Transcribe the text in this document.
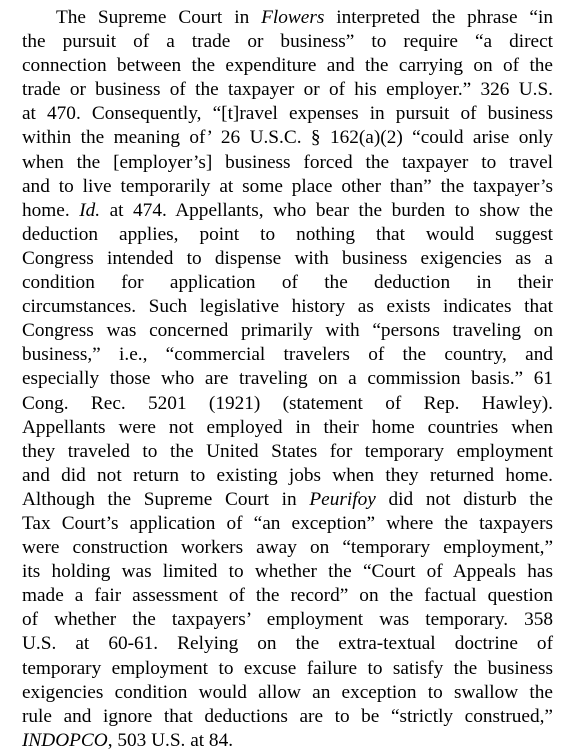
The Supreme Court in Flowers interpreted the phrase “in
the pursuit of a trade or business” to require “a direct
connection between the expenditure and the carrying on of the
trade or business of the taxpayer or of his employer.” 326 U.S.
at 470. Consequently, “[t]ravel expenses in pursuit of business
within the meaning of’ 26 U.S.C. § 162(a)(2) “could arise only
when the [employer’s] business forced the taxpayer to travel
and to live temporarily at some place other than” the taxpayer’s
home. Id. at 474. Appellants, who bear the burden to show the
deduction applies, point to nothing that would suggest
Congress intended to dispense with business exigencies as a
condition for application of the deduction in their
circumstances. Such legislative history as exists indicates that
Congress was concerned primarily with “persons traveling on
business,” i.e., “commercial travelers of the country, and
especially those who are traveling on a commission basis.” 61
Cong. Rec. 5201 (1921) (statement of Rep. Hawley).
Appellants were not employed in their home countries when
they traveled to the United States for temporary employment
and did not return to existing jobs when they returned home.
Although the Supreme Court in Peurifoy did not disturb the
Tax Court’s application of “an exception” where the taxpayers
were construction workers away on “temporary employment,”
its holding was limited to whether the “Court of Appeals has
made a fair assessment of the record” on the factual question
of whether the taxpayers’ employment was temporary. 358
U.S. at 60-61. Relying on the extra-textual doctrine of
temporary employment to excuse failure to satisfy the business
exigencies condition would allow an exception to swallow the
rule and ignore that deductions are to be “strictly construed,”
INDOPCO, 503 U.S. at 84.
